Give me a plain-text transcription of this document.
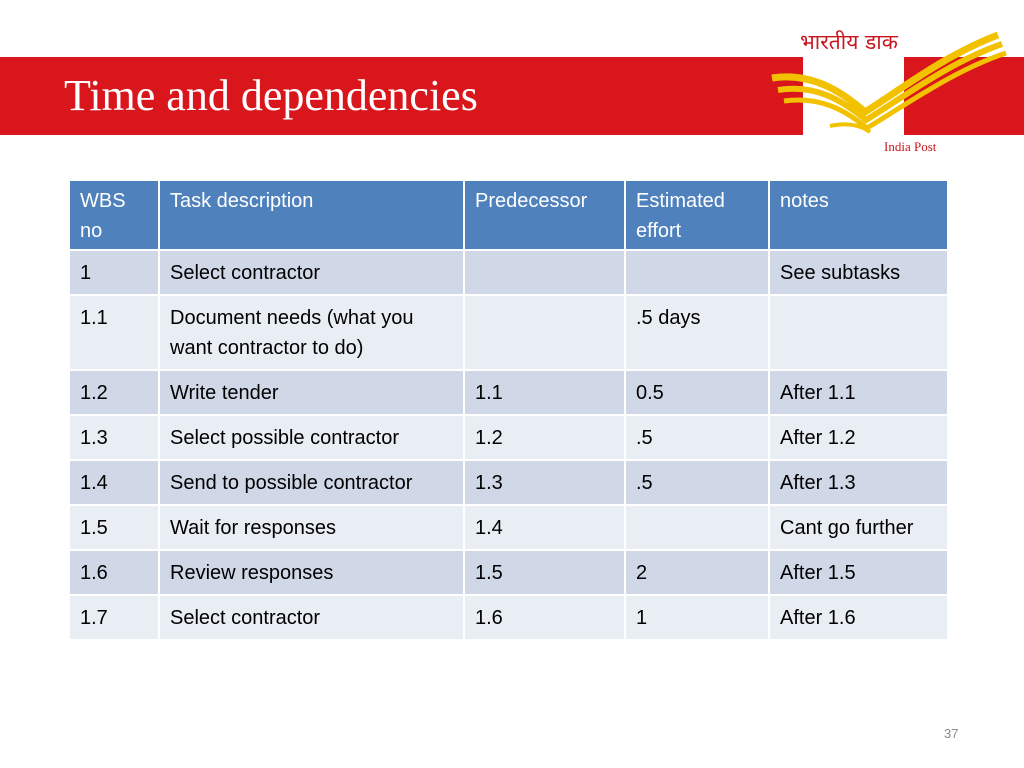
Time and dependencies
भारतीय डाक
India Post
WBS no	Task description	Predecessor	Estimated effort	notes
1	Select contractor			See subtasks
1.1	Document needs (what you want contractor to do)		.5 days	
1.2	Write tender	1.1	0.5	After 1.1
1.3	Select possible contractor	1.2	.5	After 1.2
1.4	Send to possible contractor	1.3	.5	After 1.3
1.5	Wait for responses	1.4		Cant go further
1.6	Review responses	1.5	2	After 1.5
1.7	Select contractor	1.6	1	After 1.6
37
